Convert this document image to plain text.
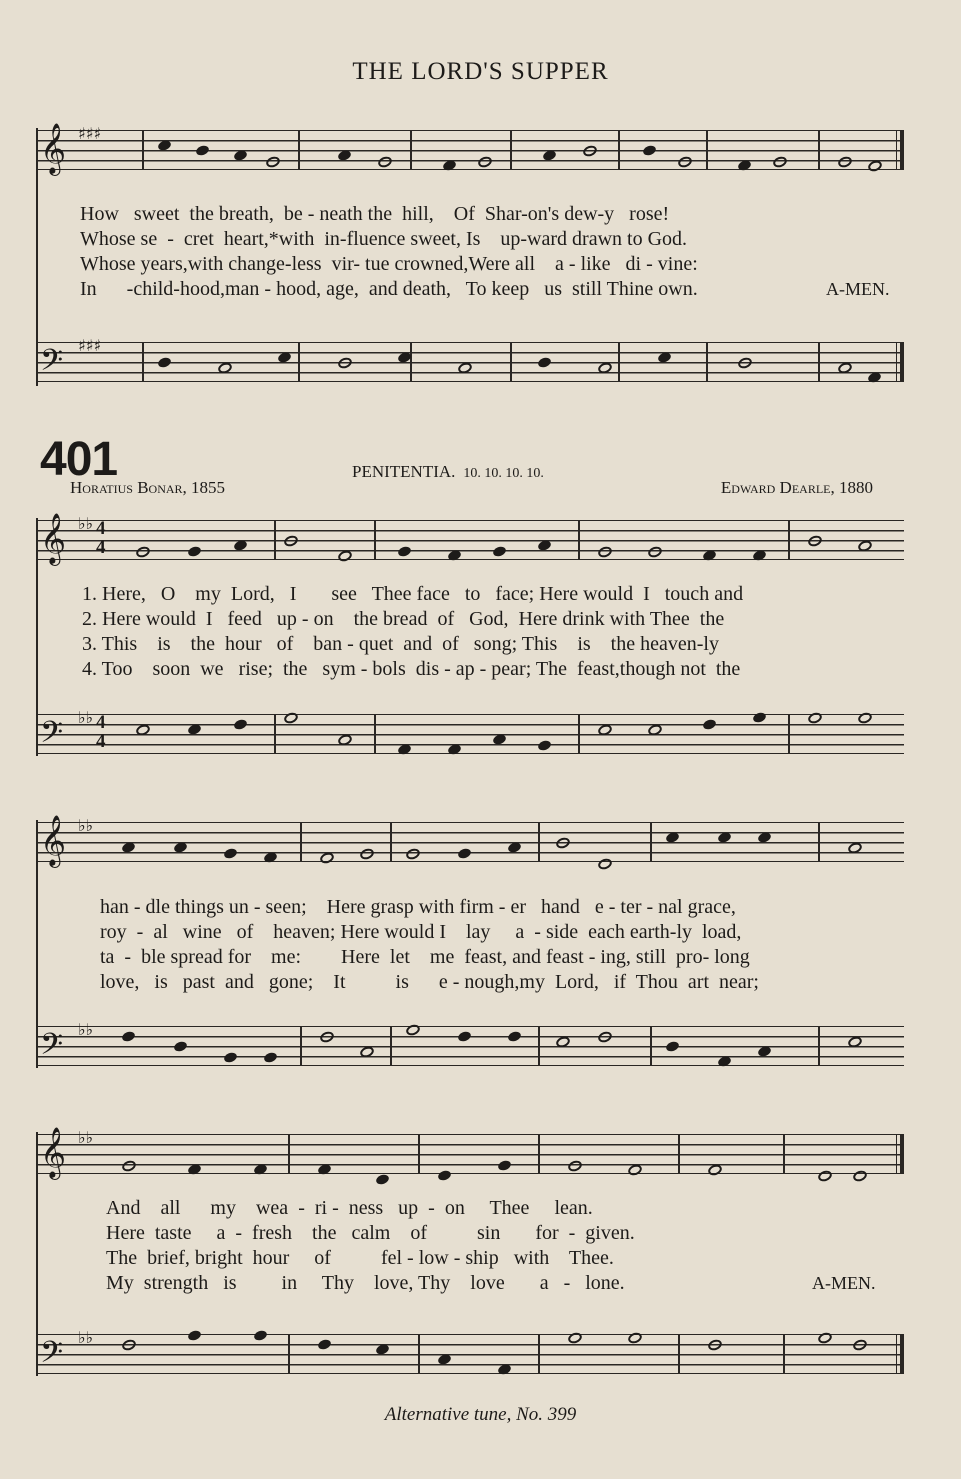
THE LORD'S SUPPER
𝄞 ♯♯♯
How   sweet  the breath,  be - neath the  hill,    Of  Shar-on's dew-y   rose!
Whose se  -  cret  heart,*with  in-fluence sweet, Is    up-ward drawn to God.
Whose years,with change-less  vir- tue crowned,Were all    a - like   di - vine:
In      -child-hood,man - hood, age,  and death,   To keep   us  still Thine own.	A-MEN.
𝄢 ♯♯♯
401	PENITENTIA. 10. 10. 10. 10.
Horatius Bonar, 1855	Edward Dearle, 1880
𝄞 ♭♭ 4
4
1. Here,   O    my  Lord,   I       see   Thee face   to   face; Here would  I   touch and
2. Here would  I   feed   up - on    the bread  of   God,  Here drink with Thee  the
3. This    is    the  hour   of    ban - quet  and  of   song; This    is    the heaven-ly
4. Too    soon  we   rise;  the   sym - bols  dis - ap - pear; The  feast,though not  the
𝄢 ♭♭ 4
4
𝄞 ♭♭
han - dle things un - seen;    Here grasp with firm - er   hand   e - ter - nal grace,
roy  -  al   wine   of    heaven; Here would I    lay     a  - side  each earth-ly  load,
ta  -  ble spread for    me:        Here  let    me  feast, and feast - ing, still  pro- long
love,   is   past  and   gone;    It          is      e - nough,my  Lord,   if  Thou  art  near;
𝄢 ♭♭
𝄞 ♭♭
And    all      my    wea  -  ri -  ness   up  -  on     Thee     lean.
Here  taste     a  -  fresh    the   calm    of          sin       for  -  given.
The  brief, bright  hour     of          fel - low - ship   with    Thee.
My  strength   is         in     Thy    love, Thy    love       a   -   lone.	A-MEN.
𝄢 ♭♭
Alternative tune, No. 399
